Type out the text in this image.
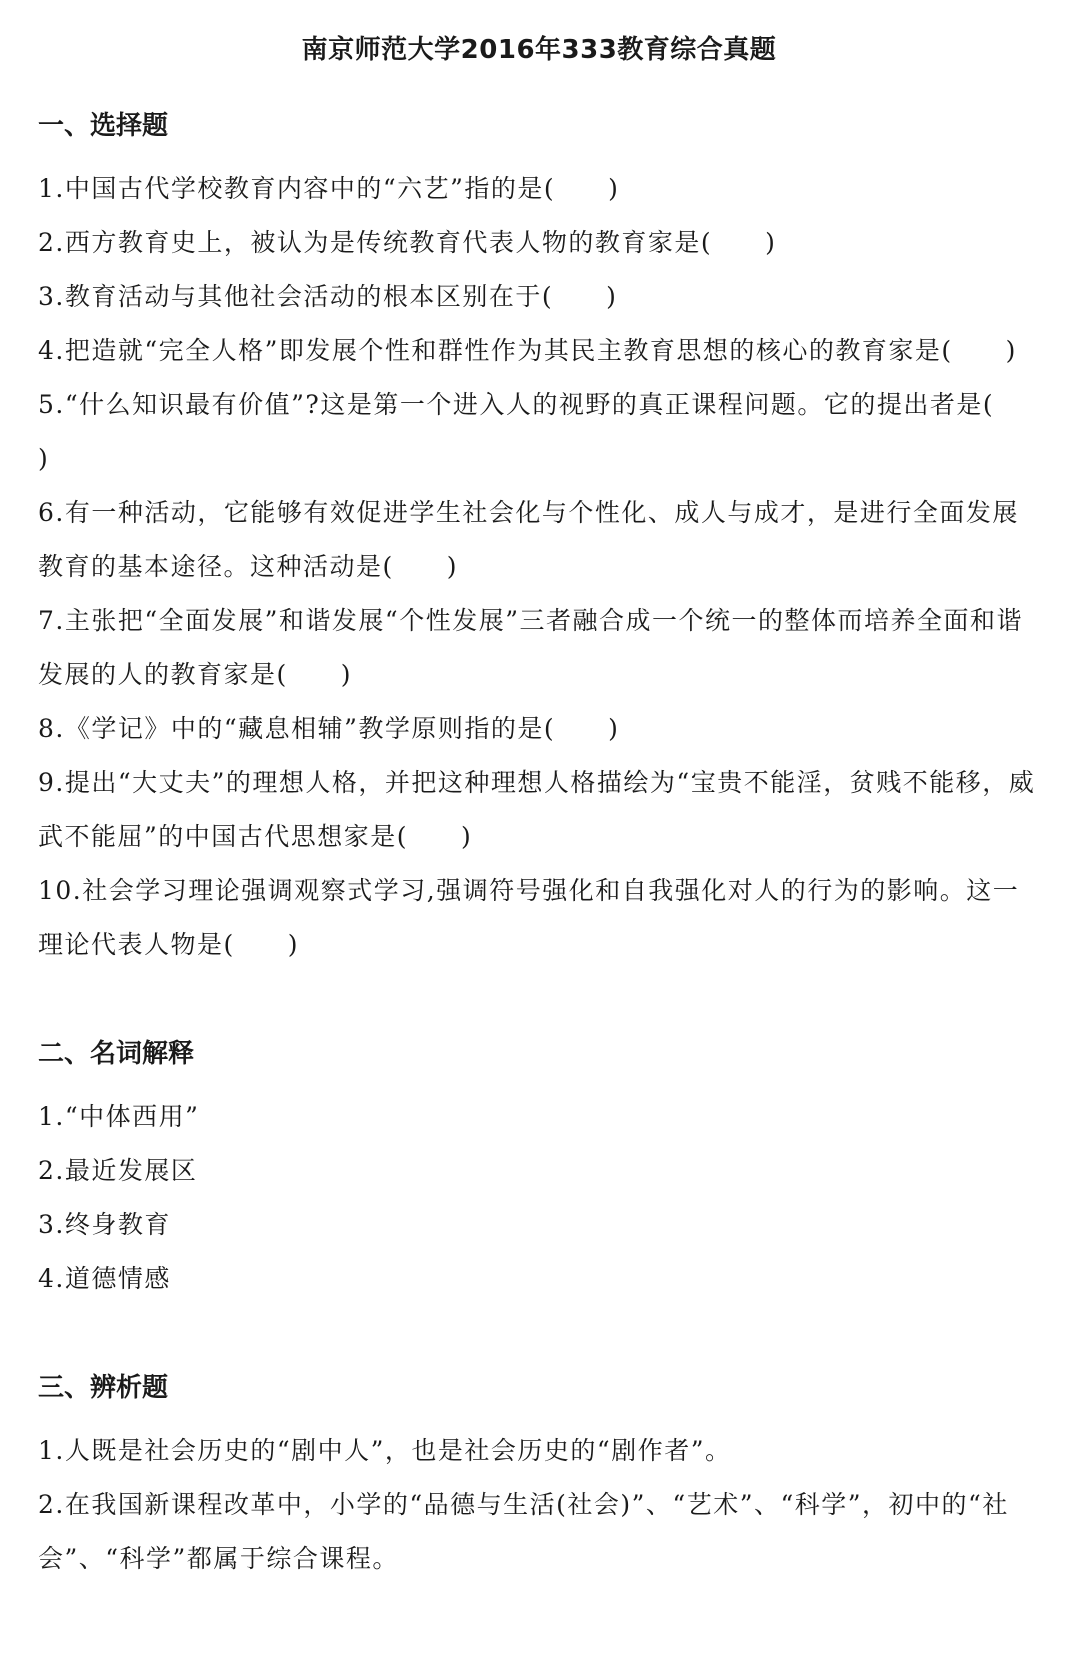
南京师范大学2016年333教育综合真题
一、选择题
1.中国古代学校教育内容中的“六艺”指的是(　　)
2.西方教育史上，被认为是传统教育代表人物的教育家是(　　)
3.教育活动与其他社会活动的根本区别在于(　　)
4.把造就“完全人格”即发展个性和群性作为其民主教育思想的核心的教育家是(　　)
5.“什么知识最有价值”?这是第一个进入人的视野的真正课程问题。它的提出者是(　　)
6.有一种活动，它能够有效促进学生社会化与个性化、成人与成才，是进行全面发展教育的基本途径。这种活动是(　　)
7.主张把“全面发展”和谐发展“个性发展”三者融合成一个统一的整体而培养全面和谐发展的人的教育家是(　　)
8.《学记》中的“藏息相辅”教学原则指的是(　　)
9.提出“大丈夫”的理想人格，并把这种理想人格描绘为“宝贵不能淫，贫贱不能移，威武不能屈”的中国古代思想家是(　　)
10.社会学习理论强调观察式学习,强调符号强化和自我强化对人的行为的影响。这一理论代表人物是(　　)
二、名词解释
1.“中体西用”
2.最近发展区
3.终身教育
4.道德情感
三、辨析题
1.人既是社会历史的“剧中人”，也是社会历史的“剧作者”。
2.在我国新课程改革中，小学的“品德与生活(社会)”、“艺术”、“科学”，初中的“社会”、“科学”都属于综合课程。
